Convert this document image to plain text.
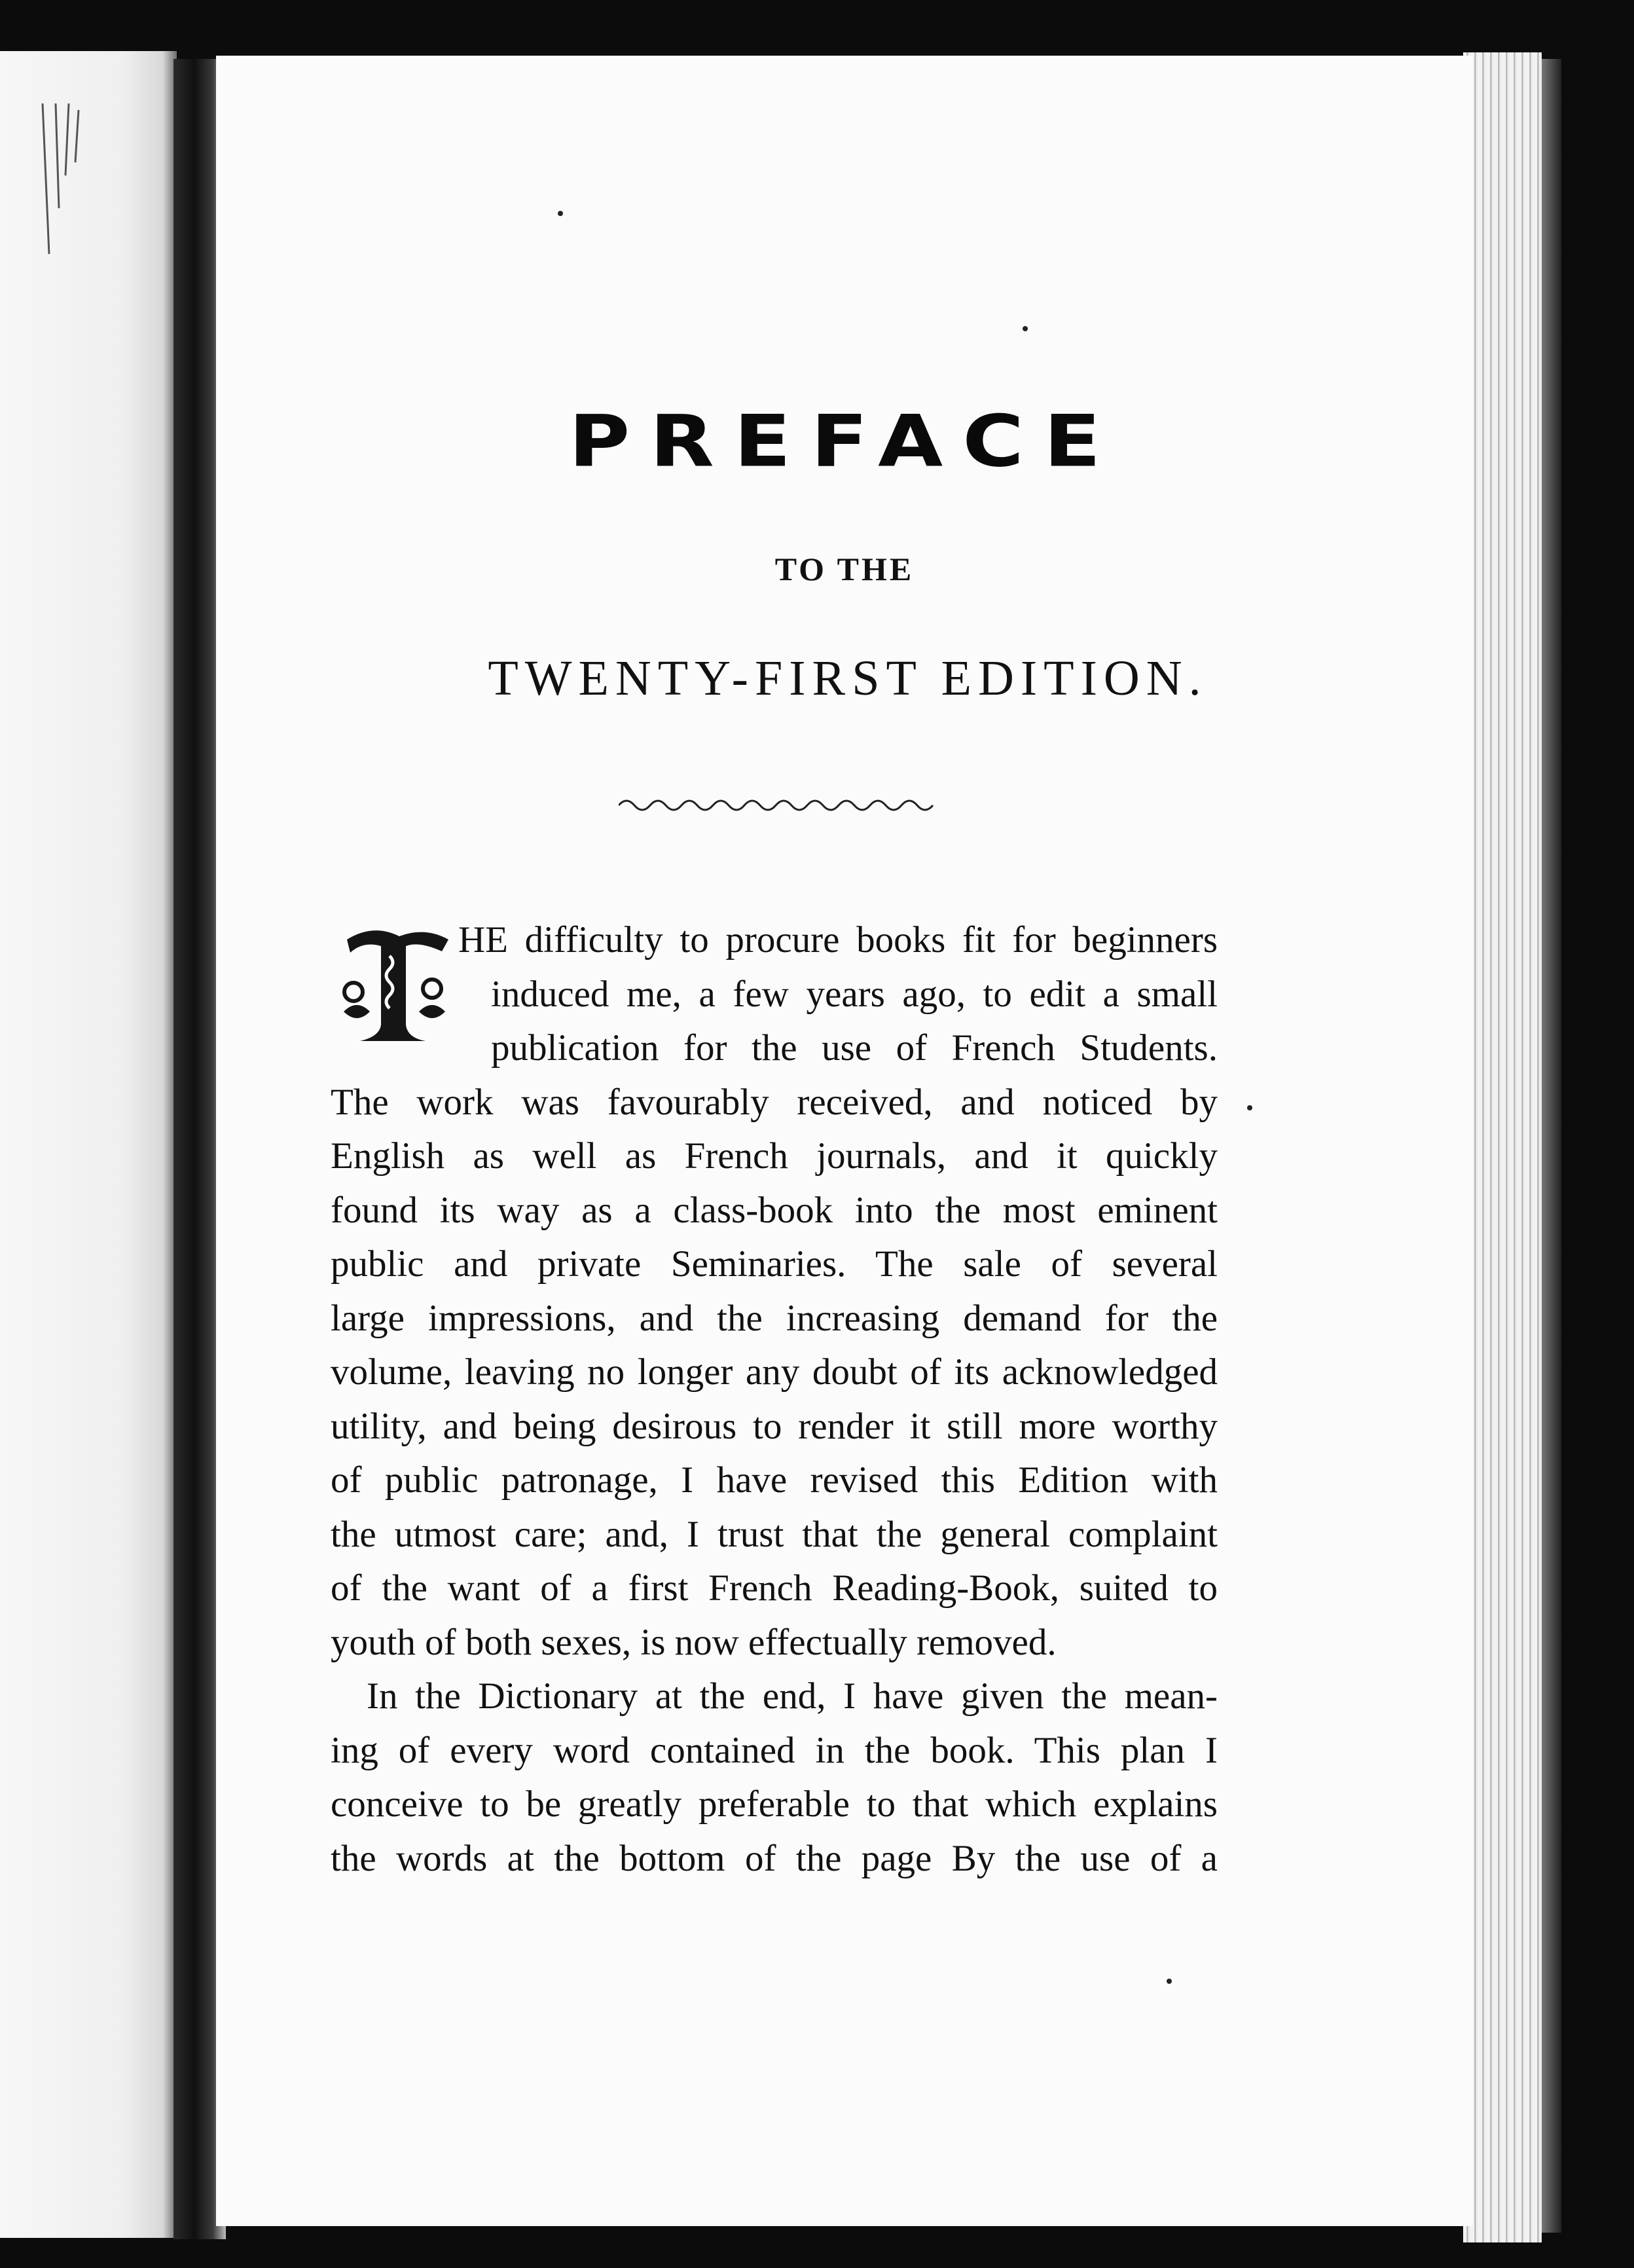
PREFACE
TO THE
TWENTY-FIRST EDITION.
HE difficulty to procure books fit for beginners
induced me, a few years ago, to edit a small
publication for the use of French Students.
The work was favourably received, and noticed by
English as well as French journals, and it quickly
found its way as a class-book into the most eminent
public and private Seminaries. The sale of several
large impressions, and the increasing demand for the
volume, leaving no longer any doubt of its acknowledged
utility, and being desirous to render it still more worthy
of public patronage, I have revised this Edition with
the utmost care; and, I trust that the general complaint
of the want of a first French Reading-Book, suited to
youth of both sexes, is now effectually removed.
In the Dictionary at the end, I have given the mean-
ing of every word contained in the book. This plan I
conceive to be greatly preferable to that which explains
the words at the bottom of the page By the use of a
